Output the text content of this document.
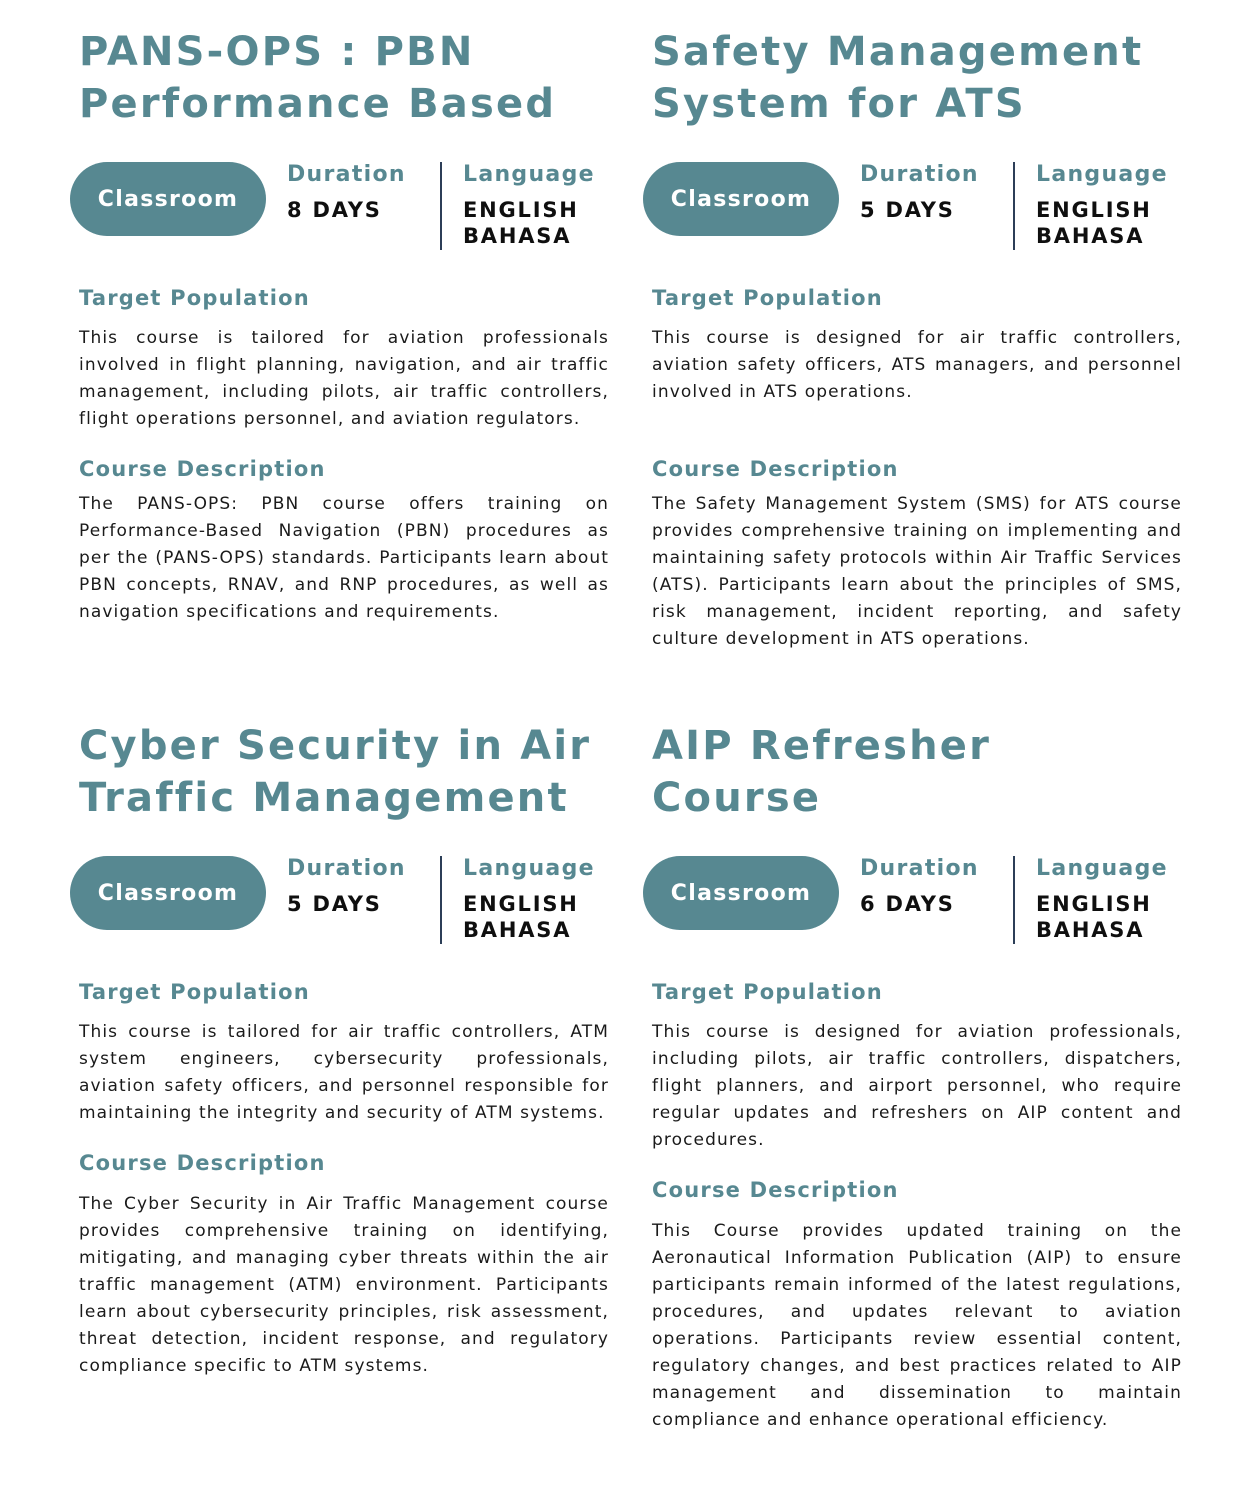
PANS-OPS : PBN
Performance Based
Classroom
Duration
8 DAYS
Language
ENGLISH
BAHASA
Target Population

This course is tailored for aviation professionals involved in flight planning, navigation, and air traffic management, including pilots, air traffic controllers, flight operations personnel, and aviation regulators.

Course Description

The PANS-OPS: PBN course offers training on Performance-Based Navigation (PBN) procedures as per the (PANS-OPS) standards. Participants learn about PBN concepts, RNAV, and RNP procedures, as well as navigation specifications and requirements.

Safety Management
System for ATS
Classroom
Duration
5 DAYS
Language
ENGLISH
BAHASA
Target Population

This course is designed for air traffic controllers, aviation safety officers, ATS managers, and personnel involved in ATS operations.

Course Description

The Safety Management System (SMS) for ATS course provides comprehensive training on implementing and maintaining safety protocols within Air Traffic Services (ATS). Participants learn about the principles of SMS, risk management, incident reporting, and safety culture development in ATS operations.

Cyber Security in Air
Traffic Management
Classroom
Duration
5 DAYS
Language
ENGLISH
BAHASA
Target Population

This course is tailored for air traffic controllers, ATM system engineers, cybersecurity professionals, aviation safety officers, and personnel responsible for maintaining the integrity and security of ATM systems.

Course Description

The Cyber Security in Air Traffic Management course provides comprehensive training on identifying, mitigating, and managing cyber threats within the air traffic management (ATM) environment. Participants learn about cybersecurity principles, risk assessment, threat detection, incident response, and regulatory compliance specific to ATM systems.

AIP Refresher
Course
Classroom
Duration
6 DAYS
Language
ENGLISH
BAHASA
Target Population

This course is designed for aviation professionals, including pilots, air traffic controllers, dispatchers, flight planners, and airport personnel, who require regular updates and refreshers on AIP content and procedures.

Course Description

This Course provides updated training on the Aeronautical Information Publication (AIP) to ensure participants remain informed of the latest regulations, procedures, and updates relevant to aviation operations. Participants review essential content, regulatory changes, and best practices related to AIP management and dissemination to maintain compliance and enhance operational efficiency.
